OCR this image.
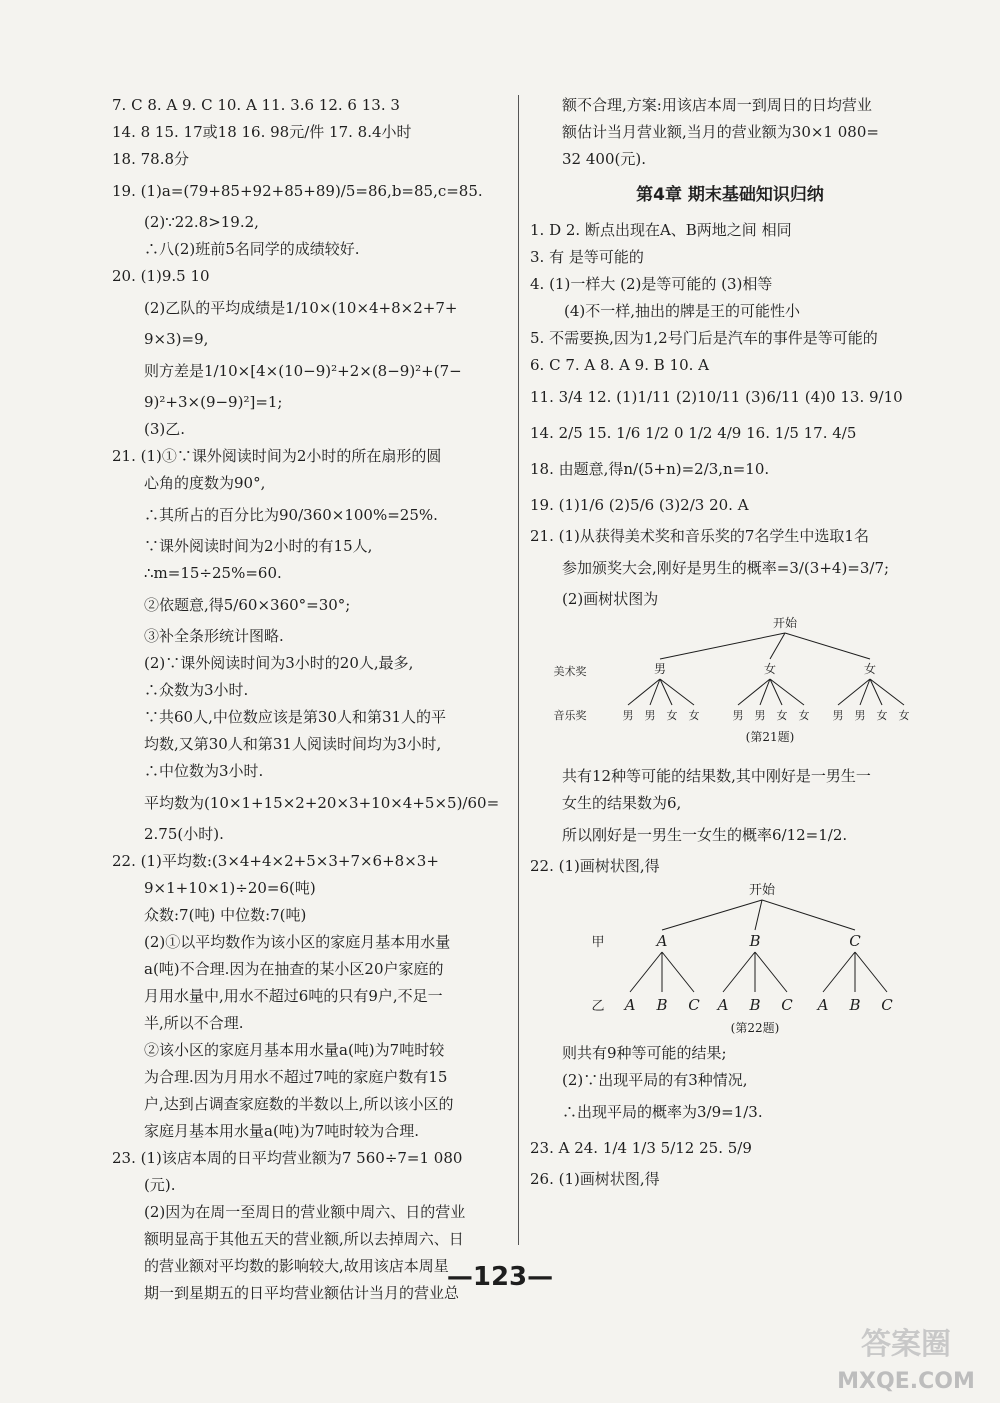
7. C 8. A 9. C 10. A 11. 3.6 12. 6 13. 3
14. 8 15. 17或18 16. 98元/件 17. 8.4小时
18. 78.8分
19. (1)a=(79+85+92+85+89)/5=86,b=85,c=85.
(2)∵22.8>19.2,
∴八(2)班前5名同学的成绩较好.
20. (1)9.5 10
(2)乙队的平均成绩是1/10×(10×4+8×2+7+
9×3)=9,
则方差是1/10×[4×(10−9)²+2×(8−9)²+(7−
9)²+3×(9−9)²]=1;
(3)乙.
21. (1)①∵课外阅读时间为2小时的所在扇形的圆
心角的度数为90°,
∴其所占的百分比为90/360×100%=25%.
∵课外阅读时间为2小时的有15人,
∴m=15÷25%=60.
②依题意,得5/60×360°=30°;
③补全条形统计图略.
(2)∵课外阅读时间为3小时的20人,最多,
∴众数为3小时.
∵共60人,中位数应该是第30人和第31人的平
均数,又第30人和第31人阅读时间均为3小时,
∴中位数为3小时.
平均数为(10×1+15×2+20×3+10×4+5×5)/60=
2.75(小时).
22. (1)平均数:(3×4+4×2+5×3+7×6+8×3+
9×1+10×1)÷20=6(吨)
众数:7(吨) 中位数:7(吨)
(2)①以平均数作为该小区的家庭月基本用水量
a(吨)不合理.因为在抽查的某小区20户家庭的
月用水量中,用水不超过6吨的只有9户,不足一
半,所以不合理.
②该小区的家庭月基本用水量a(吨)为7吨时较
为合理.因为月用水不超过7吨的家庭户数有15
户,达到占调查家庭数的半数以上,所以该小区的
家庭月基本用水量a(吨)为7吨时较为合理.
23. (1)该店本周的日平均营业额为7 560÷7=1 080
(元).
(2)因为在周一至周日的营业额中周六、日的营业
额明显高于其他五天的营业额,所以去掉周六、日
的营业额对平均数的影响较大,故用该店本周星
期一到星期五的日平均营业额估计当月的营业总
额不合理,方案:用该店本周一到周日的日均营业
额估计当月营业额,当月的营业额为30×1 080=
32 400(元).
第4章 期末基础知识归纳
1. D 2. 断点出现在A、B两地之间 相同
3. 有 是等可能的
4. (1)一样大 (2)是等可能的 (3)相等
(4)不一样,抽出的牌是王的可能性小
5. 不需要换,因为1,2号门后是汽车的事件是等可能的
6. C 7. A 8. A 9. B 10. A
11. 3/4 12. (1)1/11 (2)10/11 (3)6/11 (4)0 13. 9/10
14. 2/5 15. 1/6 1/2 0 1/2 4/9 16. 1/5 17. 4/5
18. 由题意,得n/(5+n)=2/3,n=10.
19. (1)1/6 (2)5/6 (3)2/3 20. A
21. (1)从获得美术奖和音乐奖的7名学生中选取1名
参加颁奖大会,刚好是男生的概率=3/(3+4)=3/7;
(2)画树状图为
开始
美术奖	男	女	女
音乐奖	男 男 女 女	男 男 女 女 男 男 女 女
(第21题)
共有12种等可能的结果数,其中刚好是一男生一
女生的结果数为6,
所以刚好是一男生一女生的概率6/12=1/2.
22. (1)画树状图,得
开始
甲	A	B	C
乙 A B C A B C A B C
(第22题)
则共有9种等可能的结果;
(2)∵出现平局的有3种情况,
∴出现平局的概率为3/9=1/3.
23. A 24. 1/4 1/3 5/12 25. 5/9
26. (1)画树状图,得
—123—
答案圈
MXQE.COM
